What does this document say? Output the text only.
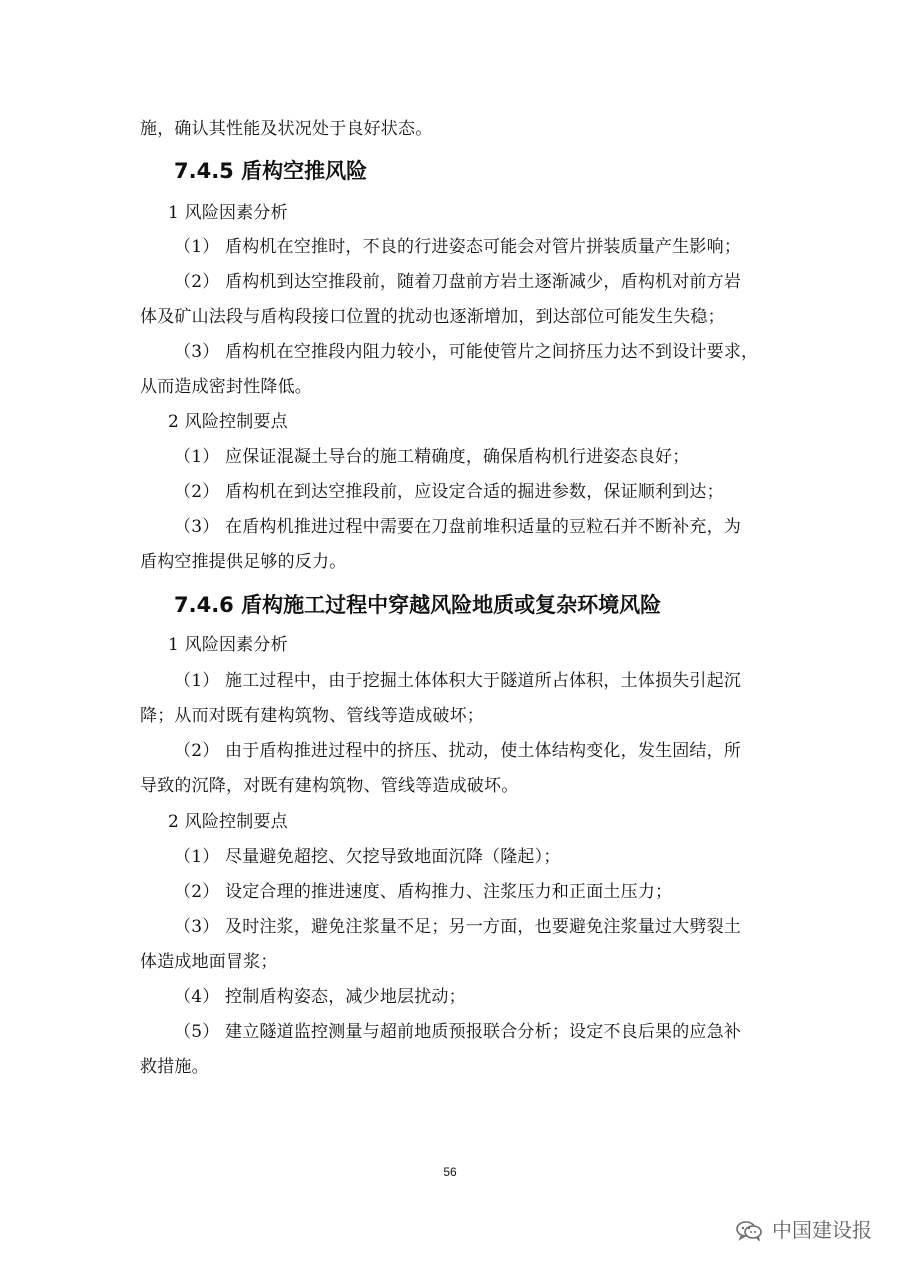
施，确认其性能及状况处于良好状态。
7.4.5 盾构空推风险
1 风险因素分析
（1） 盾构机在空推时，不良的行进姿态可能会对管片拼装质量产生影响；
（2） 盾构机到达空推段前，随着刀盘前方岩土逐渐减少，盾构机对前方岩
体及矿山法段与盾构段接口位置的扰动也逐渐增加，到达部位可能发生失稳；
（3） 盾构机在空推段内阻力较小，可能使管片之间挤压力达不到设计要求，
从而造成密封性降低。
2 风险控制要点
（1） 应保证混凝土导台的施工精确度，确保盾构机行进姿态良好；
（2） 盾构机在到达空推段前，应设定合适的掘进参数，保证顺利到达；
（3） 在盾构机推进过程中需要在刀盘前堆积适量的豆粒石并不断补充，为
盾构空推提供足够的反力。
7.4.6 盾构施工过程中穿越风险地质或复杂环境风险
1 风险因素分析
（1） 施工过程中，由于挖掘土体体积大于隧道所占体积，土体损失引起沉
降；从而对既有建构筑物、管线等造成破坏；
（2） 由于盾构推进过程中的挤压、扰动，使土体结构变化，发生固结，所
导致的沉降，对既有建构筑物、管线等造成破坏。
2 风险控制要点
（1） 尽量避免超挖、欠挖导致地面沉降（隆起）；
（2） 设定合理的推进速度、盾构推力、注浆压力和正面土压力；
（3） 及时注浆，避免注浆量不足；另一方面，也要避免注浆量过大劈裂土
体造成地面冒浆；
（4） 控制盾构姿态，减少地层扰动；
（5） 建立隧道监控测量与超前地质预报联合分析；设定不良后果的应急补
救措施。
56
中国建设报
